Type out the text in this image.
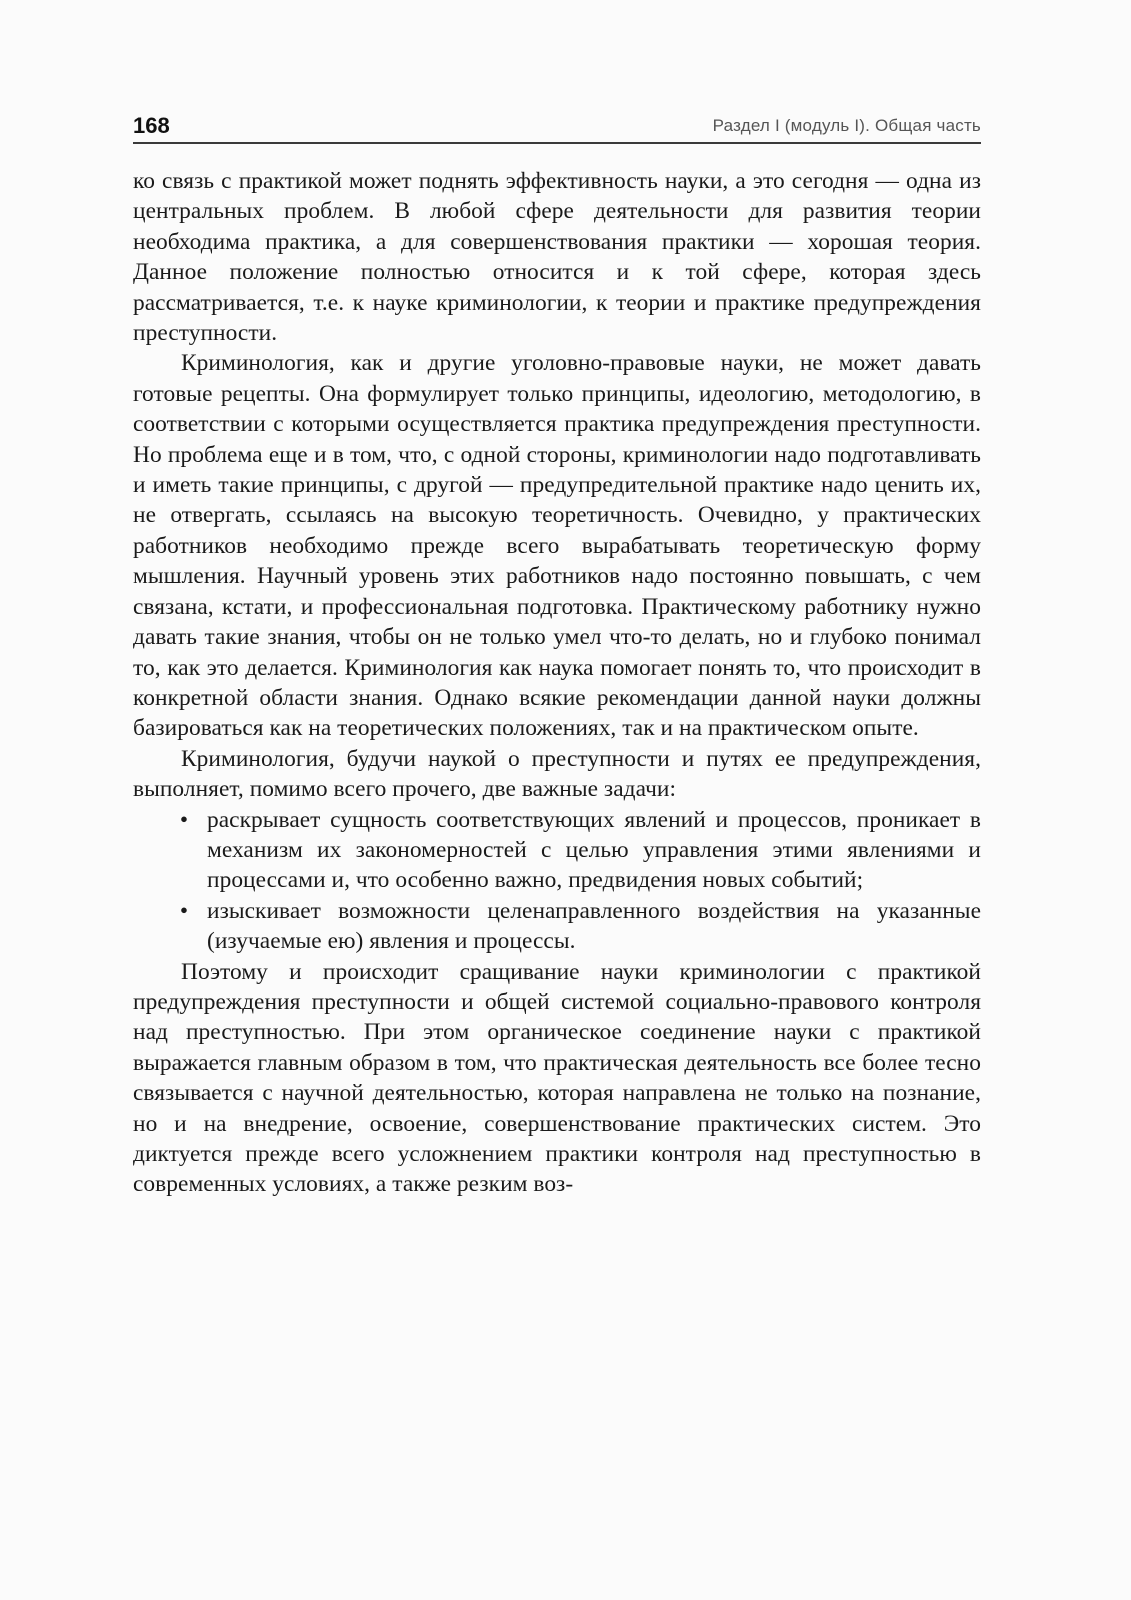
168	Раздел I (модуль I). Общая часть

ко связь с практикой может поднять эффективность науки, а это сегодня — одна из центральных проблем. В любой сфере деятельности для развития теории необходима практика, а для совершенствования практики — хорошая теория. Данное положение полностью относится и к той сфере, которая здесь рассматривается, т.е. к науке криминологии, к теории и практике предупреждения преступности.

Криминология, как и другие уголовно-правовые науки, не может давать готовые рецепты. Она формулирует только принципы, идеологию, методологию, в соответствии с которыми осуществляется практика предупреждения преступности. Но проблема еще и в том, что, с одной стороны, криминологии надо подготавливать и иметь такие принципы, с другой — предупредительной практике надо ценить их, не отвергать, ссылаясь на высокую теоретичность. Очевидно, у практических работников необходимо прежде всего вырабатывать теоретическую форму мышления. Научный уровень этих работников надо постоянно повышать, с чем связана, кстати, и профессиональная подготовка. Практическому работнику нужно давать такие знания, чтобы он не только умел что-то делать, но и глубоко понимал то, как это делается. Криминология как наука помогает понять то, что происходит в конкретной области знания. Однако всякие рекомендации данной науки должны базироваться как на теоретических положениях, так и на практическом опыте.

Криминология, будучи наукой о преступности и путях ее предупреждения, выполняет, помимо всего прочего, две важные задачи:

• раскрывает сущность соответствующих явлений и процессов, проникает в механизм их закономерностей с целью управления этими явлениями и процессами и, что особенно важно, предвидения новых событий;
• изыскивает возможности целенаправленного воздействия на указанные (изучаемые ею) явления и процессы.

Поэтому и происходит сращивание науки криминологии с практикой предупреждения преступности и общей системой социально-правового контроля над преступностью. При этом органическое соединение науки с практикой выражается главным образом в том, что практическая деятельность все более тесно связывается с научной деятельностью, которая направлена не только на познание, но и на внедрение, освоение, совершенствование практических систем. Это диктуется прежде всего усложнением практики контроля над преступностью в современных условиях, а также резким воз-
